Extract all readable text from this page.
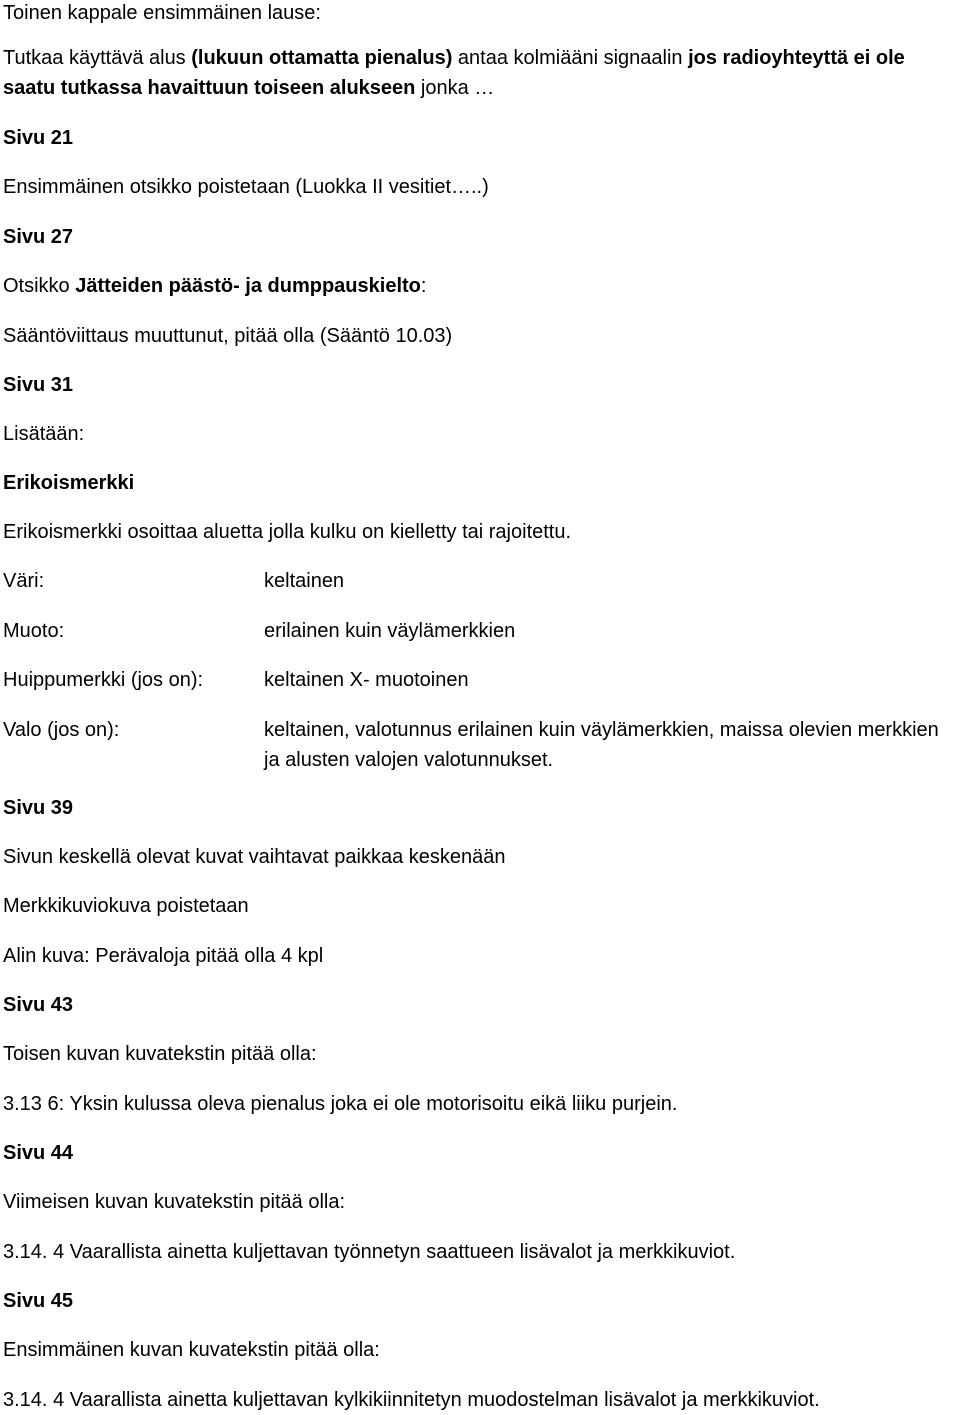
Toinen kappale ensimmäinen lause:
Tutkaa käyttävä alus (lukuun ottamatta pienalus) antaa kolmiääni signaalin jos radioyhteyttä ei ole saatu tutkassa havaittuun toiseen alukseen jonka …
Sivu 21
Ensimmäinen otsikko poistetaan (Luokka II vesitiet…..)
Sivu 27
Otsikko Jätteiden päästö- ja dumppauskielto:
Sääntöviittaus muuttunut, pitää olla (Sääntö 10.03)
Sivu 31
Lisätään:
Erikoismerkki
Erikoismerkki osoittaa aluetta jolla kulku on kielletty tai rajoitettu.
Väri:	keltainen
Muoto:	erilainen kuin väylämerkkien
Huippumerkki (jos on):	keltainen X- muotoinen
Valo (jos on):	keltainen, valotunnus erilainen kuin väylämerkkien, maissa olevien merkkien ja alusten valojen valotunnukset.
Sivu 39
Sivun keskellä olevat kuvat vaihtavat paikkaa keskenään
Merkkikuviokuva poistetaan
Alin kuva: Perävaloja pitää olla 4 kpl
Sivu 43
Toisen kuvan kuvatekstin pitää olla:
3.13 6: Yksin kulussa oleva pienalus joka ei ole motorisoitu eikä liiku purjein.
Sivu 44
Viimeisen kuvan kuvatekstin pitää olla:
3.14. 4 Vaarallista ainetta kuljettavan työnnetyn saattueen lisävalot ja merkkikuviot.
Sivu 45
Ensimmäinen kuvan kuvatekstin pitää olla:
3.14. 4 Vaarallista ainetta kuljettavan kylkikiinnitetyn muodostelman lisävalot ja merkkikuviot.
